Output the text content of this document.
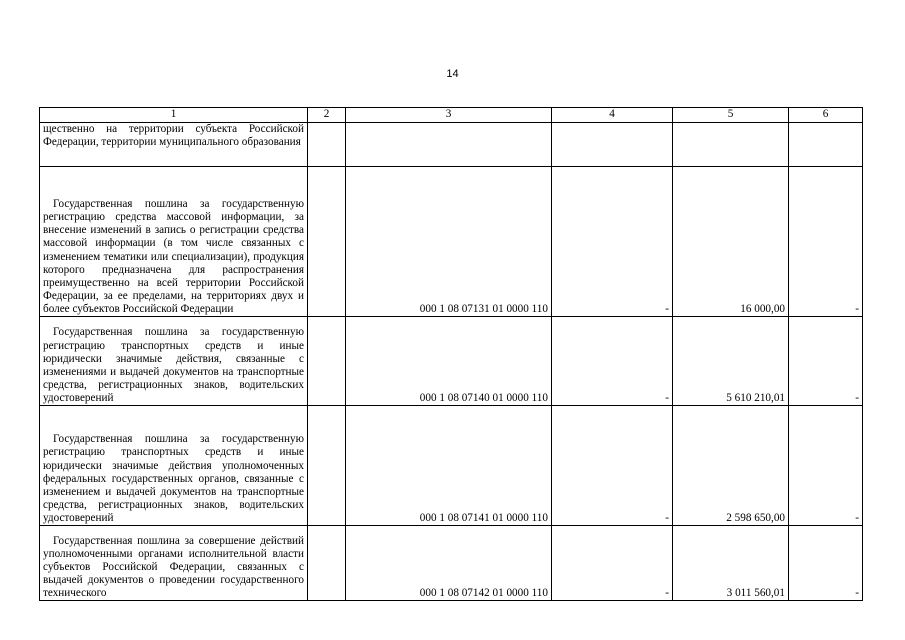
14
1	2	3	4	5	6
щественно на территории субъекта Российской Федерации, территории муниципального образования					
Государственная пошлина за государственную регистрацию средства массовой информации, за внесение изменений в запись о регистрации средства массовой информации (в том числе связанных с изменением тематики или специализации), продукция которого предназначена для распространения преимущественно на всей территории Российской Федерации, за ее пределами, на территориях двух и более субъектов Российской Федерации		000 1 08 07131 01 0000 110	-	16 000,00	-
Государственная пошлина за государственную регистрацию транспортных средств и иные юридически значимые действия, связанные с изменениями и выдачей документов на транспортные средства, регистрационных знаков, водительских удостоверений		000 1 08 07140 01 0000 110	-	5 610 210,01	-
Государственная пошлина за государственную регистрацию транспортных средств и иные юридически значимые действия уполномоченных федеральных государственных органов, связанные с изменением и выдачей документов на транспортные средства, регистрационных знаков, водительских удостоверений		000 1 08 07141 01 0000 110	-	2 598 650,00	-
Государственная пошлина за совершение действий уполномоченными органами исполнительной власти субъектов Российской Федерации, связанных с выдачей документов о проведении государственного технического		000 1 08 07142 01 0000 110	-	3 011 560,01	-
